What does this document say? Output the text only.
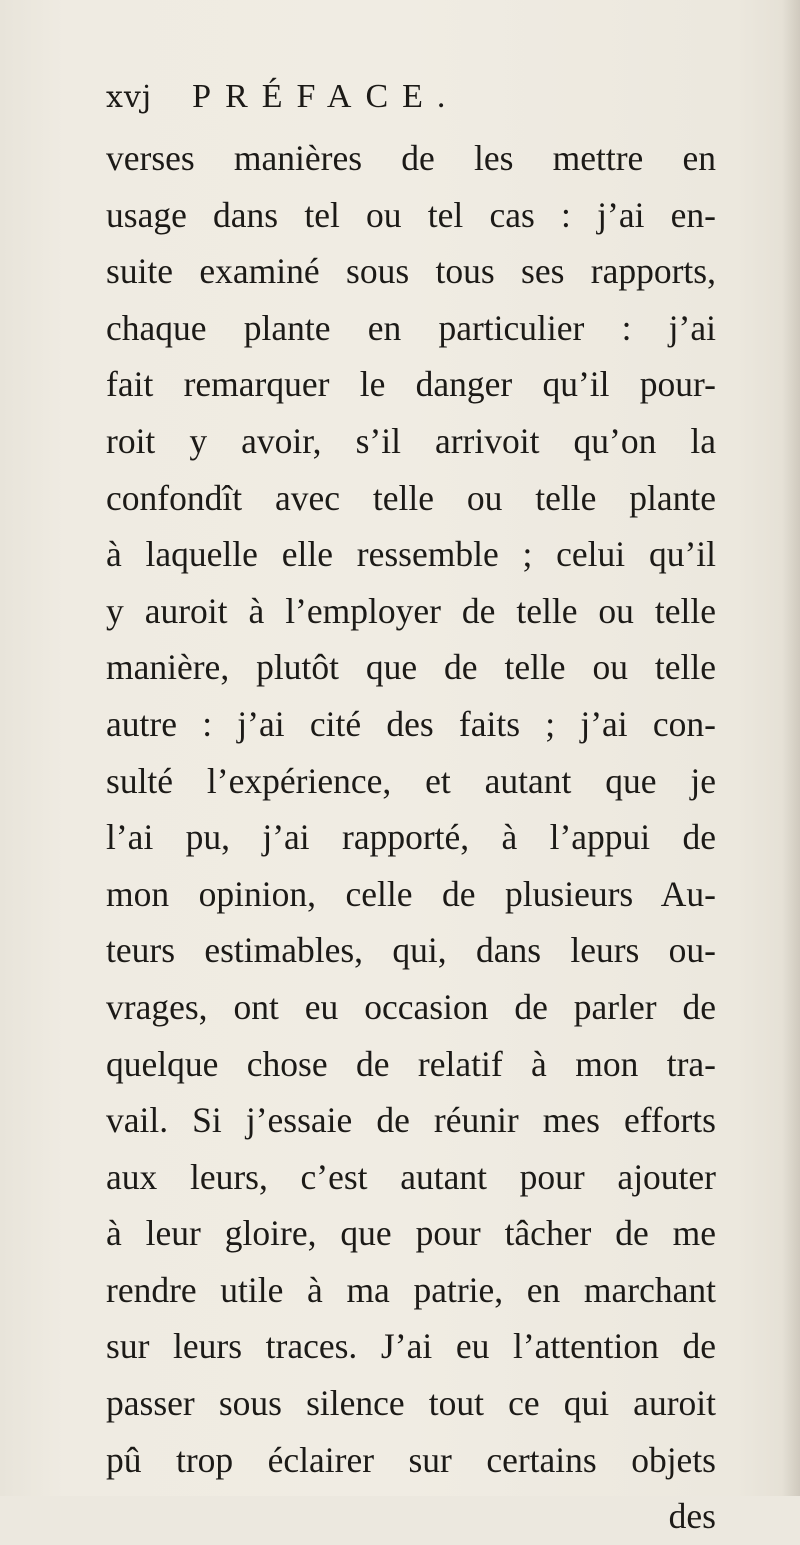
xvj PRÉFACE.
verses manières de les mettre en
usage dans tel ou tel cas : j’ai en-
suite examiné sous tous ses rapports,
chaque plante en particulier : j’ai
fait remarquer le danger qu’il pour-
roit y avoir, s’il arrivoit qu’on la
confondît avec telle ou telle plante
à laquelle elle ressemble ; celui qu’il
y auroit à l’employer de telle ou telle
manière, plutôt que de telle ou telle
autre : j’ai cité des faits ; j’ai con-
sulté l’expérience, et autant que je
l’ai pu, j’ai rapporté, à l’appui de
mon opinion, celle de plusieurs Au-
teurs estimables, qui, dans leurs ou-
vrages, ont eu occasion de parler de
quelque chose de relatif à mon tra-
vail. Si j’essaie de réunir mes efforts
aux leurs, c’est autant pour ajouter
à leur gloire, que pour tâcher de me
rendre utile à ma patrie, en marchant
sur leurs traces. J’ai eu l’attention de
passer sous silence tout ce qui auroit
pû trop éclairer sur certains objets
des
